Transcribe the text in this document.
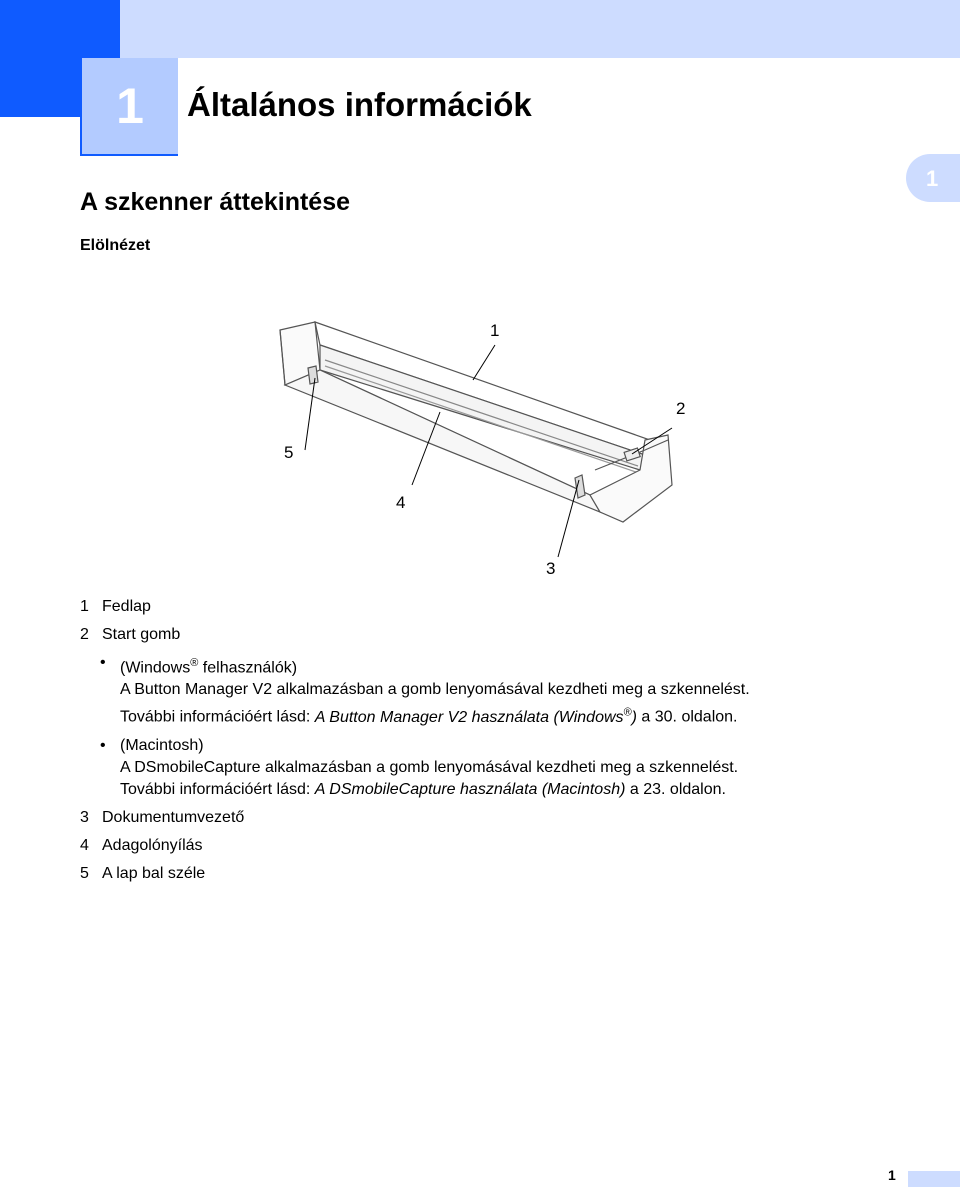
1 Általános információk
1
A szkenner áttekintése
Elölnézet
1
2
3
4
5
1 Fedlap
2 Start gomb
• (Windows® felhasználók)
A Button Manager V2 alkalmazásban a gomb lenyomásával kezdheti meg a szkennelést.
További információért lásd: A Button Manager V2 használata (Windows®) a 30. oldalon.
• (Macintosh)
A DSmobileCapture alkalmazásban a gomb lenyomásával kezdheti meg a szkennelést.
További információért lásd: A DSmobileCapture használata (Macintosh) a 23. oldalon.
3 Dokumentumvezető
4 Adagolónyílás
5 A lap bal széle
1
